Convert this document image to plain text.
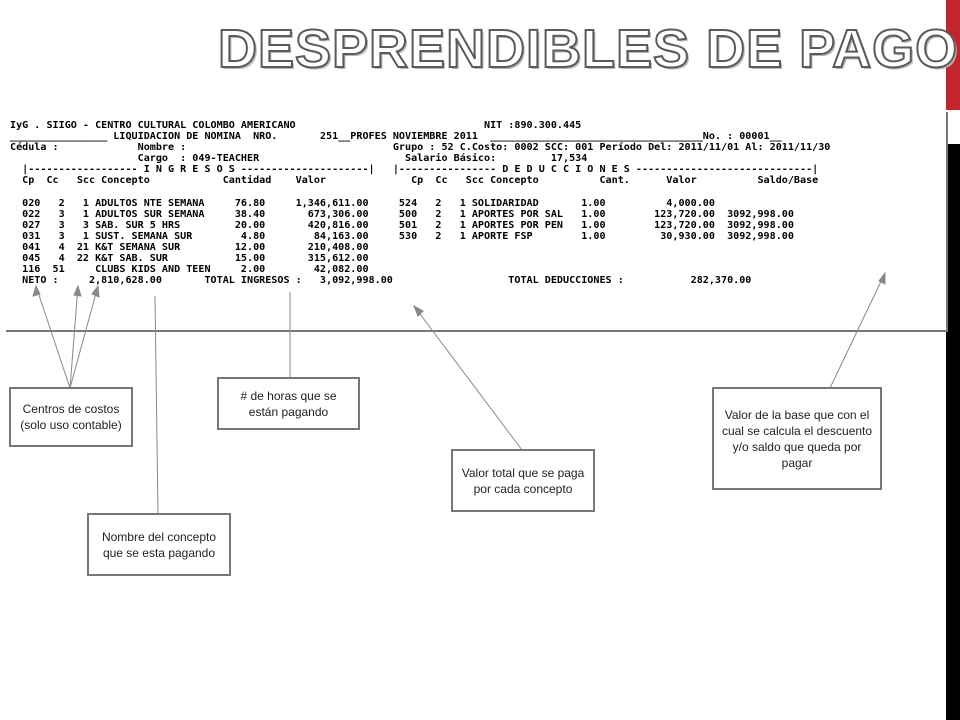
DESPRENDIBLES DE PAGO
IyG . SIIGO - CENTRO CULTURAL COLOMBO AMERICANO                               NIT :890.300.445
________________ LIQUIDACION DE NOMINA  NRO.       251__PROFES NOVIEMBRE 2011  ___________________________________No. : 00001__
Cédula :             Nombre :                                  Grupo : 52 C.Costo: 0002 SCC: 001 Período Del: 2011/11/01 Al: 2011/11/30
Cargo  : 049-TEACHER                        Salario Básico:         17,534
|------------------ I N G R E S O S ---------------------|   |---------------- D E D U C C I O N E S -----------------------------|
Cp  Cc   Scc Concepto            Cantidad    Valor              Cp  Cc   Scc Concepto          Cant.      Valor          Saldo/Base

020   2   1 ADULTOS NTE SEMANA     76.80     1,346,611.00     524   2   1 SOLIDARIDAD       1.00          4,000.00
022   3   1 ADULTOS SUR SEMANA     38.40       673,306.00     500   2   1 APORTES POR SAL   1.00        123,720.00  3092,998.00
027   3   3 SAB. SUR 5 HRS         20.00       420,816.00     501   2   1 APORTES POR PEN   1.00        123,720.00  3092,998.00
031   3   1 SUST. SEMANA SUR        4.80        84,163.00     530   2   1 APORTE FSP        1.00         30,930.00  3092,998.00
041   4  21 K&T SEMANA SUR         12.00       210,408.00
045   4  22 K&T SAB. SUR           15.00       315,612.00
116  51     CLUBS KIDS AND TEEN     2.00        42,082.00
NETO :     2,810,628.00       TOTAL INGRESOS :   3,092,998.00                   TOTAL DEDUCCIONES :           282,370.00
Centros de costos (solo uso contable)
# de horas que se están pagando
Nombre del concepto que se esta pagando
Valor total que se paga por cada concepto
Valor de la base que con el cual se calcula el descuento y/o saldo que queda por pagar
